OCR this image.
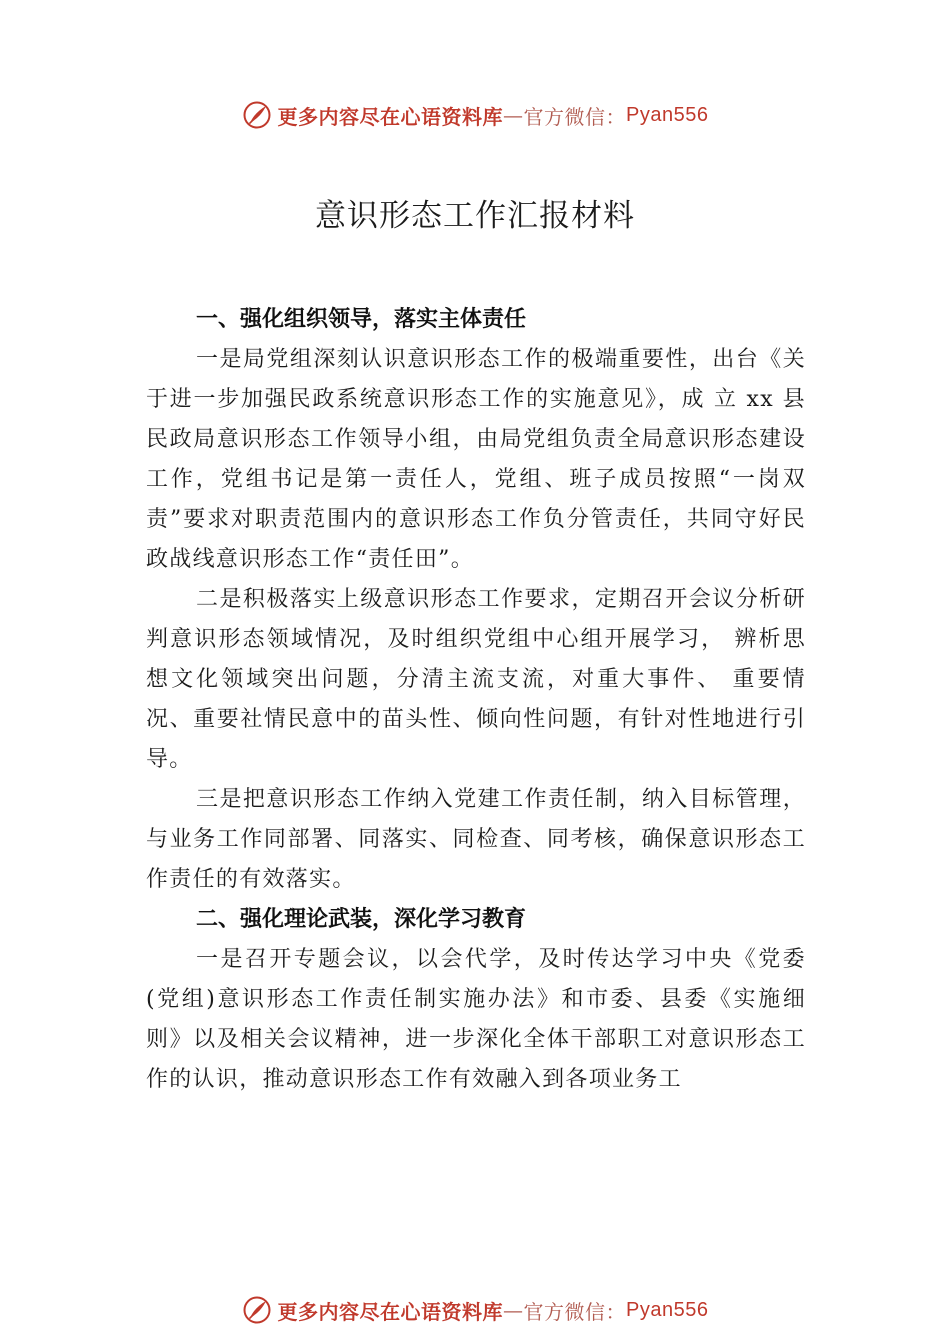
更多内容尽在心语资料库 — 官方微信： Pyan556
意识形态工作汇报材料

一、强化组织领导，落实主体责任

一是局党组深刻认识意识形态工作的极端重要性，出台《关于进一步加强民政系统意识形态工作的实施意见》，成 立 xx 县民政局意识形态工作领导小组，由局党组负责全局意识形态建设工作，党组书记是第一责任人，党组、班子成员按照“一岗双责”要求对职责范围内的意识形态工作负分管责任，共同守好民政战线意识形态工作“责任田”。

二是积极落实上级意识形态工作要求，定期召开会议分析研判意识形态领域情况，及时组织党组中心组开展学习， 辨析思想文化领域突出问题，分清主流支流，对重大事件、 重要情况、重要社情民意中的苗头性、倾向性问题，有针对性地进行引导。

三是把意识形态工作纳入党建工作责任制，纳入目标管理，与业务工作同部署、同落实、同检查、同考核，确保意识形态工作责任的有效落实。

二、强化理论武装，深化学习教育

一是召开专题会议，以会代学，及时传达学习中央《党委(党组)意识形态工作责任制实施办法》和市委、县委《实施细则》以及相关会议精神，进一步深化全体干部职工对意识形态工作的认识，推动意识形态工作有效融入到各项业务工

更多内容尽在心语资料库 — 官方微信： Pyan556
